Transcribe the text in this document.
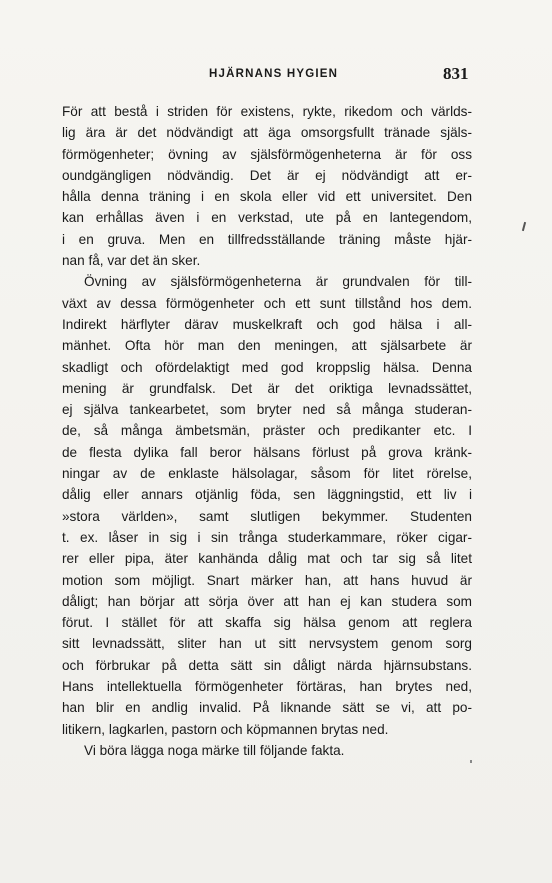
HJÄRNANS HYGIEN	831
För att bestå i striden för existens, rykte, rikedom och världs-
lig ära är det nödvändigt att äga omsorgsfullt tränade själs-
förmögenheter; övning av själsförmögenheterna är för oss
oundgängligen nödvändig. Det är ej nödvändigt att er-
hålla denna träning i en skola eller vid ett universitet. Den
kan erhållas även i en verkstad, ute på en lantegendom,
i en gruva. Men en tillfredsställande träning måste hjär-
nan få, var det än sker.
Övning av själsförmögenheterna är grundvalen för till-
växt av dessa förmögenheter och ett sunt tillstånd hos dem.
Indirekt härflyter därav muskelkraft och god hälsa i all-
mänhet. Ofta hör man den meningen, att själsarbete är
skadligt och ofördelaktigt med god kroppslig hälsa. Denna
mening är grundfalsk. Det är det oriktiga levnadssättet,
ej själva tankearbetet, som bryter ned så många studeran-
de, så många ämbetsmän, präster och predikanter etc. I
de flesta dylika fall beror hälsans förlust på grova kränk-
ningar av de enklaste hälsolagar, såsom för litet rörelse,
dålig eller annars otjänlig föda, sen läggningstid, ett liv i
»stora världen», samt slutligen bekymmer. Studenten
t. ex. låser in sig i sin trånga studerkammare, röker cigar-
rer eller pipa, äter kanhända dålig mat och tar sig så litet
motion som möjligt. Snart märker han, att hans huvud är
dåligt; han börjar att sörja över att han ej kan studera som
förut. I stället för att skaffa sig hälsa genom att reglera
sitt levnadssätt, sliter han ut sitt nervsystem genom sorg
och förbrukar på detta sätt sin dåligt närda hjärnsubstans.
Hans intellektuella förmögenheter förtäras, han brytes ned,
han blir en andlig invalid. På liknande sätt se vi, att po-
litikern, lagkarlen, pastorn och köpmannen brytas ned.
Vi böra lägga noga märke till följande fakta.
